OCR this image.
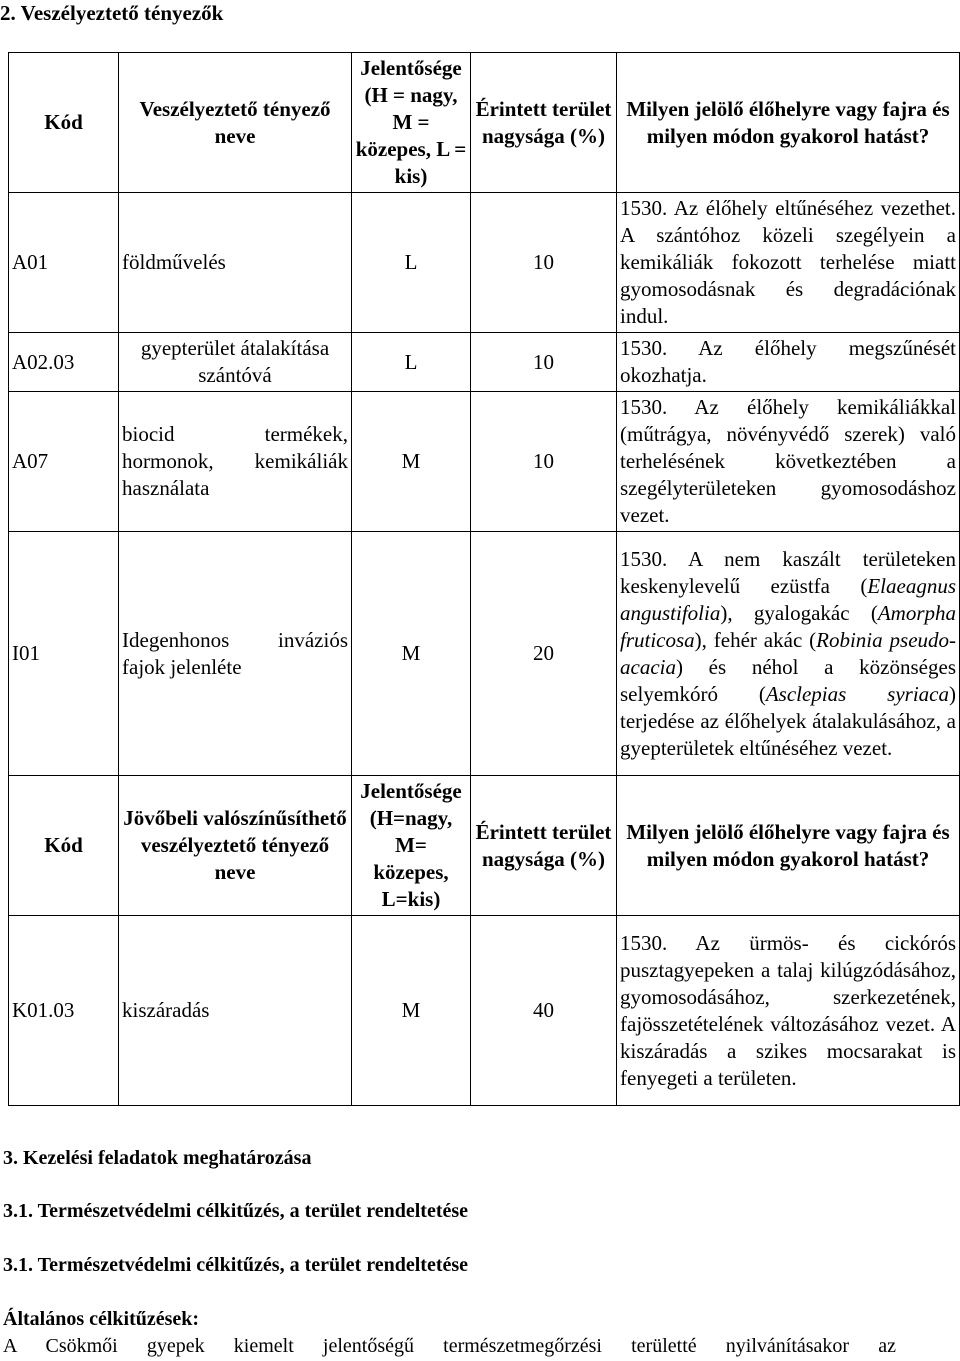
2. Veszélyeztető tényezők
Kód	Veszélyeztető tényező neve	Jelentősége (H = nagy, M = közepes, L = kis)	Érintett terület nagysága (%)	Milyen jelölő élőhelyre vagy fajra és milyen módon gyakorol hatást?
A01	földművelés	L	10	1530. Az élőhely eltűnéséhez vezethet. A szántóhoz közeli szegélyein a kemikáliák fokozott terhelése miatt gyomosodásnak és degradációnak indul.
A02.03	gyepterület átalakítása szántóvá	L	10	1530. Az élőhely megszűnését okozhatja.
A07	biocid termékek, hormonok, kemikáliák használata	M	10	1530. Az élőhely kemikáliákkal (műtrágya, növényvédő szerek) való terhelésének következtében a szegélyterületeken gyomosodáshoz vezet.
I01	Idegenhonos inváziós fajok jelenléte	M	20	1530. A nem kaszált területeken keskenylevelű ezüstfa (Elaeagnus angustifolia), gyalogakác (Amorpha fruticosa), fehér akác (Robinia pseudo-acacia) és néhol a közönséges selyemkóró (Asclepias syriaca) terjedése az élőhelyek átalakulásához, a gyepterületek eltűnéséhez vezet.
Kód	Jövőbeli valószínűsíthető veszélyeztető tényező neve	Jelentősége (H=nagy, M= közepes, L=kis)	Érintett terület nagysága (%)	Milyen jelölő élőhelyre vagy fajra és milyen módon gyakorol hatást?
K01.03	kiszáradás	M	40	1530. Az ürmös- és cickórós pusztagyepeken a talaj kilúgzódásához, gyomosodásához, szerkezetének, fajösszetételének változásához vezet. A kiszáradás a szikes mocsarakat is fenyegeti a területen.
3. Kezelési feladatok meghatározása
3.1. Természetvédelmi célkitűzés, a terület rendeltetése
3.1. Természetvédelmi célkitűzés, a terület rendeltetése
Általános célkitűzések:

A Csökmői gyepek kiemelt jelentőségű természetmegőrzési területté nyilvánításakor az
